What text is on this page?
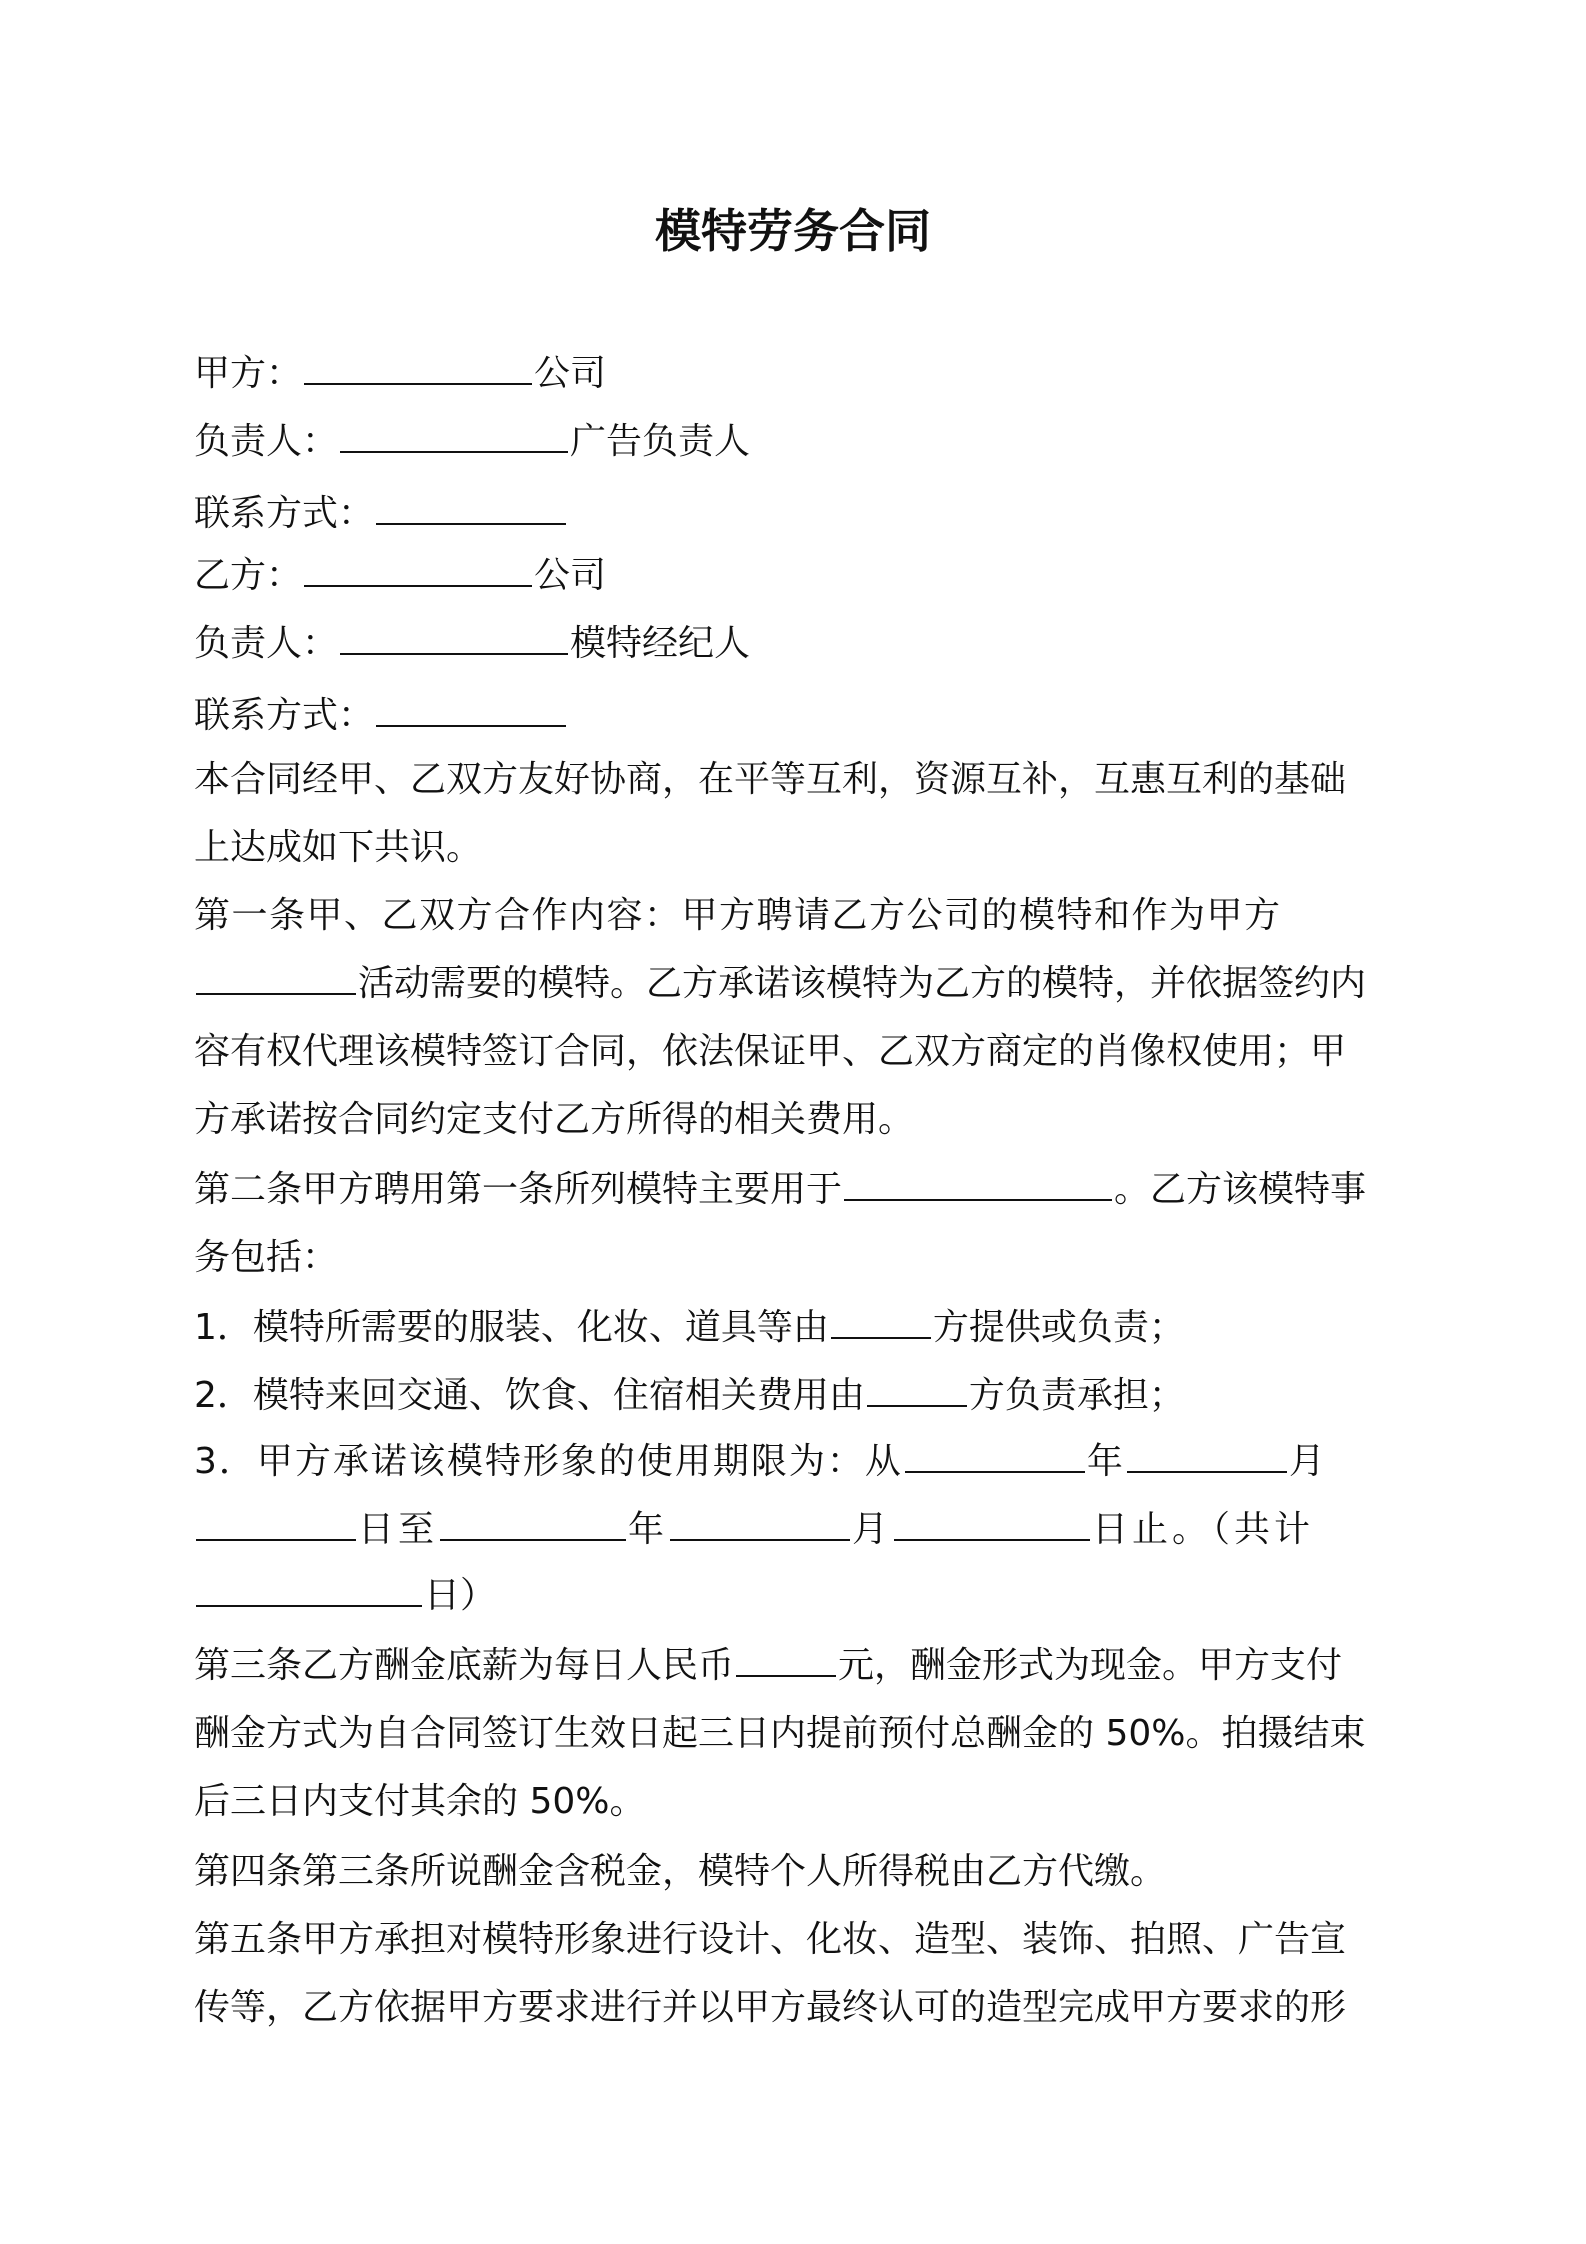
模特劳务合同
甲方：	公司
负责人：	广告负责人
联系方式：
乙方：	公司
负责人：	模特经纪人
联系方式：
本合同经甲、乙双方友好协商，在平等互利，资源互补，互惠互利的基础
上达成如下共识。
第一条甲、乙双方合作内容：甲方聘请乙方公司的模特和作为甲方
活动需要的模特。乙方承诺该模特为乙方的模特，并依据签约内
容有权代理该模特签订合同，依法保证甲、乙双方商定的肖像权使用；甲
方承诺按合同约定支付乙方所得的相关费用。
第二条甲方聘用第一条所列模特主要用于	。乙方该模特事
务包括：
1．模特所需要的服装、化妆、道具等由	方提供或负责；
2．模特来回交通、饮食、住宿相关费用由	方负责承担；
3．甲方承诺该模特形象的使用期限为：从	年	月
日至	年	月	日止。（共计
日）
第三条乙方酬金底薪为每日人民币	元，酬金形式为现金。甲方支付
酬金方式为自合同签订生效日起三日内提前预付总酬金的 50%。拍摄结束
后三日内支付其余的 50%。
第四条第三条所说酬金含税金，模特个人所得税由乙方代缴。
第五条甲方承担对模特形象进行设计、化妆、造型、装饰、拍照、广告宣
传等，乙方依据甲方要求进行并以甲方最终认可的造型完成甲方要求的形
